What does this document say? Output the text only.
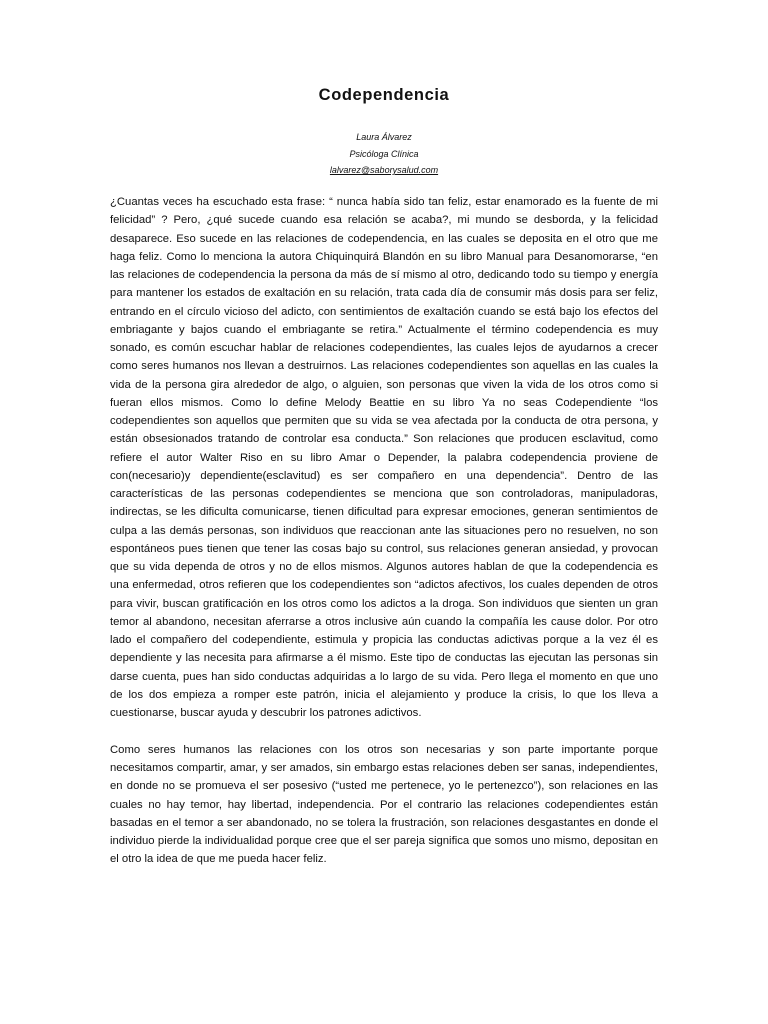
Codependencia
Laura Álvarez
Psicóloga Clínica
lalvarez@saborysalud.com

¿Cuantas veces ha escuchado esta frase: “ nunca había sido tan feliz, estar enamorado es la fuente de mi felicidad” ? Pero, ¿qué sucede cuando esa relación se acaba?, mi mundo se desborda, y la felicidad desaparece. Eso sucede en las relaciones de codependencia, en las cuales se deposita en el otro que me haga feliz. Como lo menciona la autora Chiquinquirá Blandón en su libro Manual para Desanomorarse, “en las relaciones de codependencia la persona da más de sí mismo al otro, dedicando todo su tiempo y energía para mantener los estados de exaltación en su relación, trata cada día de consumir más dosis para ser feliz, entrando en el círculo vicioso del adicto, con sentimientos de exaltación cuando se está bajo los efectos del embriagante y bajos cuando el embriagante se retira.” Actualmente el término codependencia es muy sonado, es común escuchar hablar de relaciones codependientes, las cuales lejos de ayudarnos a crecer como seres humanos nos llevan a destruirnos. Las relaciones codependientes son aquellas en las cuales la vida de la persona gira alrededor de algo, o alguien, son personas que viven la vida de los otros como si fueran ellos mismos. Como lo define Melody Beattie en su libro Ya no seas Codependiente “los codependientes son aquellos que permiten que su vida se vea afectada por la conducta de otra persona, y están obsesionados tratando de controlar esa conducta.” Son relaciones que producen esclavitud, como refiere el autor Walter Riso en su libro Amar o Depender, la palabra codependencia proviene de con(necesario)y dependiente(esclavitud) es ser compañero en una dependencia”. Dentro de las características de las personas codependientes se menciona que son controladoras, manipuladoras, indirectas, se les dificulta comunicarse, tienen dificultad para expresar emociones, generan sentimientos de culpa a las demás personas, son individuos que reaccionan ante las situaciones pero no resuelven, no son espontáneos pues tienen que tener las cosas bajo su control, sus relaciones generan ansiedad, y provocan que su vida dependa de otros y no de ellos mismos. Algunos autores hablan de que la codependencia es una enfermedad, otros refieren que los codependientes son “adictos afectivos, los cuales dependen de otros para vivir, buscan gratificación en los otros como los adictos a la droga. Son individuos que sienten un gran temor al abandono, necesitan aferrarse a otros inclusive aún cuando la compañía les cause dolor. Por otro lado el compañero del codependiente, estimula y propicia las conductas adictivas porque a la vez él es dependiente y las necesita para afirmarse a él mismo. Este tipo de conductas las ejecutan las personas sin darse cuenta, pues han sido conductas adquiridas a lo largo de su vida. Pero llega el momento en que uno de los dos empieza a romper este patrón, inicia el alejamiento y produce la crisis, lo que los lleva a cuestionarse, buscar ayuda y descubrir los patrones adictivos.

Como seres humanos las relaciones con los otros son necesarias y son parte importante porque necesitamos compartir, amar, y ser amados, sin embargo estas relaciones deben ser sanas, independientes, en donde no se promueva el ser posesivo (“usted me pertenece, yo le pertenezco”), son relaciones en las cuales no hay temor, hay libertad, independencia. Por el contrario las relaciones codependientes están basadas en el temor a ser abandonado, no se tolera la frustración, son relaciones desgastantes en donde el individuo pierde la individualidad porque cree que el ser pareja significa que somos uno mismo, depositan en el otro la idea de que me pueda hacer feliz.
